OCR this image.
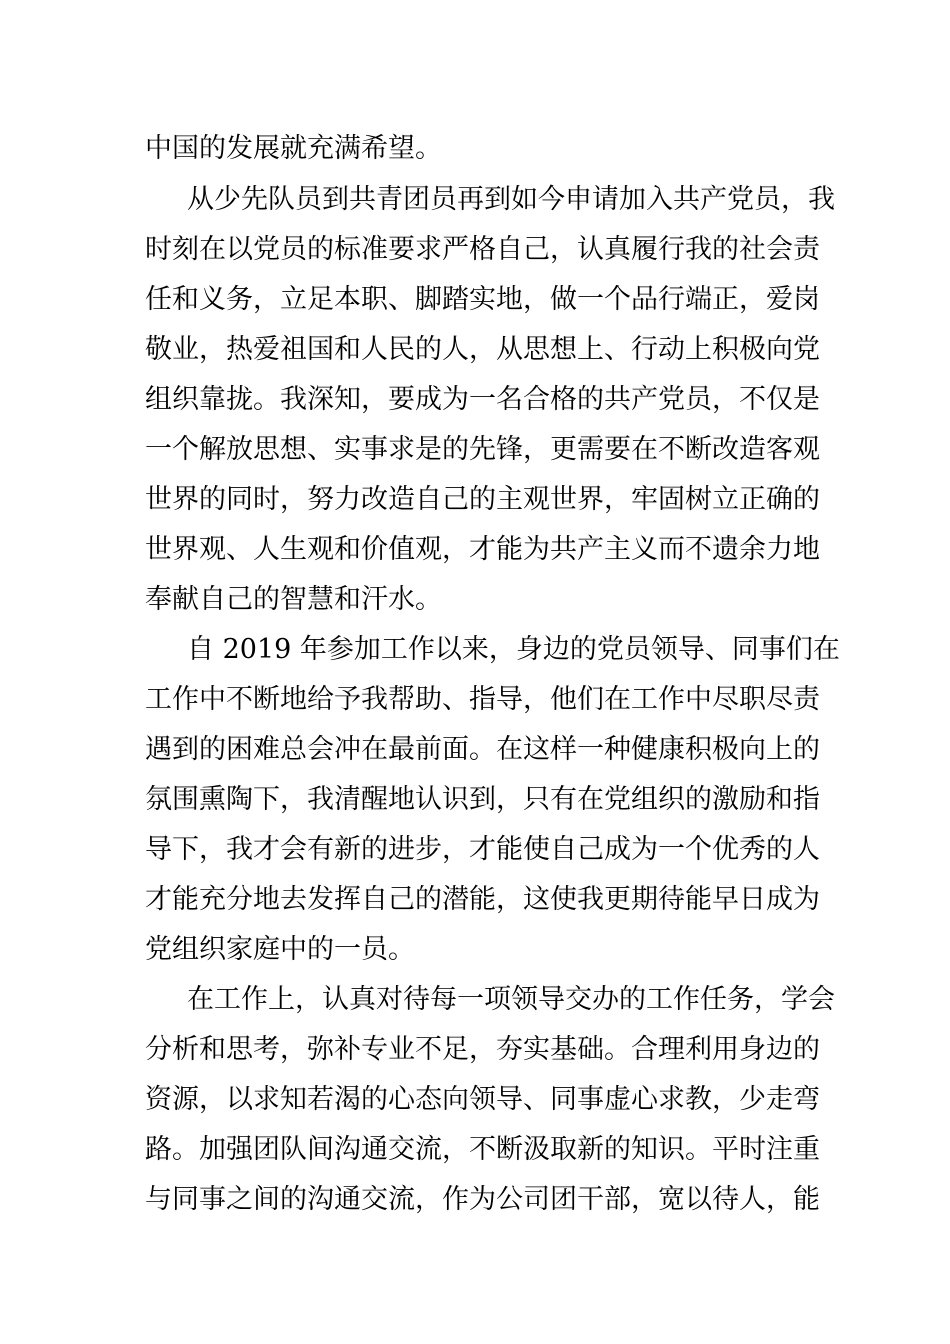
中国的发展就充满希望。
从少先队员到共青团员再到如今申请加入共产党员，我
时刻在以党员的标准要求严格自己，认真履行我的社会责
任和义务，立足本职、脚踏实地，做一个品行端正，爱岗
敬业，热爱祖国和人民的人，从思想上、行动上积极向党
组织靠拢。我深知，要成为一名合格的共产党员，不仅是
一个解放思想、实事求是的先锋，更需要在不断改造客观
世界的同时，努力改造自己的主观世界，牢固树立正确的
世界观、人生观和价值观，才能为共产主义而不遗余力地
奉献自己的智慧和汗水。
自 2019 年参加工作以来，身边的党员领导、同事们在
工作中不断地给予我帮助、指导，他们在工作中尽职尽责
遇到的困难总会冲在最前面。在这样一种健康积极向上的
氛围熏陶下，我清醒地认识到，只有在党组织的激励和指
导下，我才会有新的进步，才能使自己成为一个优秀的人
才能充分地去发挥自己的潜能，这使我更期待能早日成为
党组织家庭中的一员。
在工作上，认真对待每一项领导交办的工作任务，学会
分析和思考，弥补专业不足，夯实基础。合理利用身边的
资源，以求知若渴的心态向领导、同事虚心求教，少走弯
路。加强团队间沟通交流，不断汲取新的知识。平时注重
与同事之间的沟通交流，作为公司团干部，宽以待人，能
